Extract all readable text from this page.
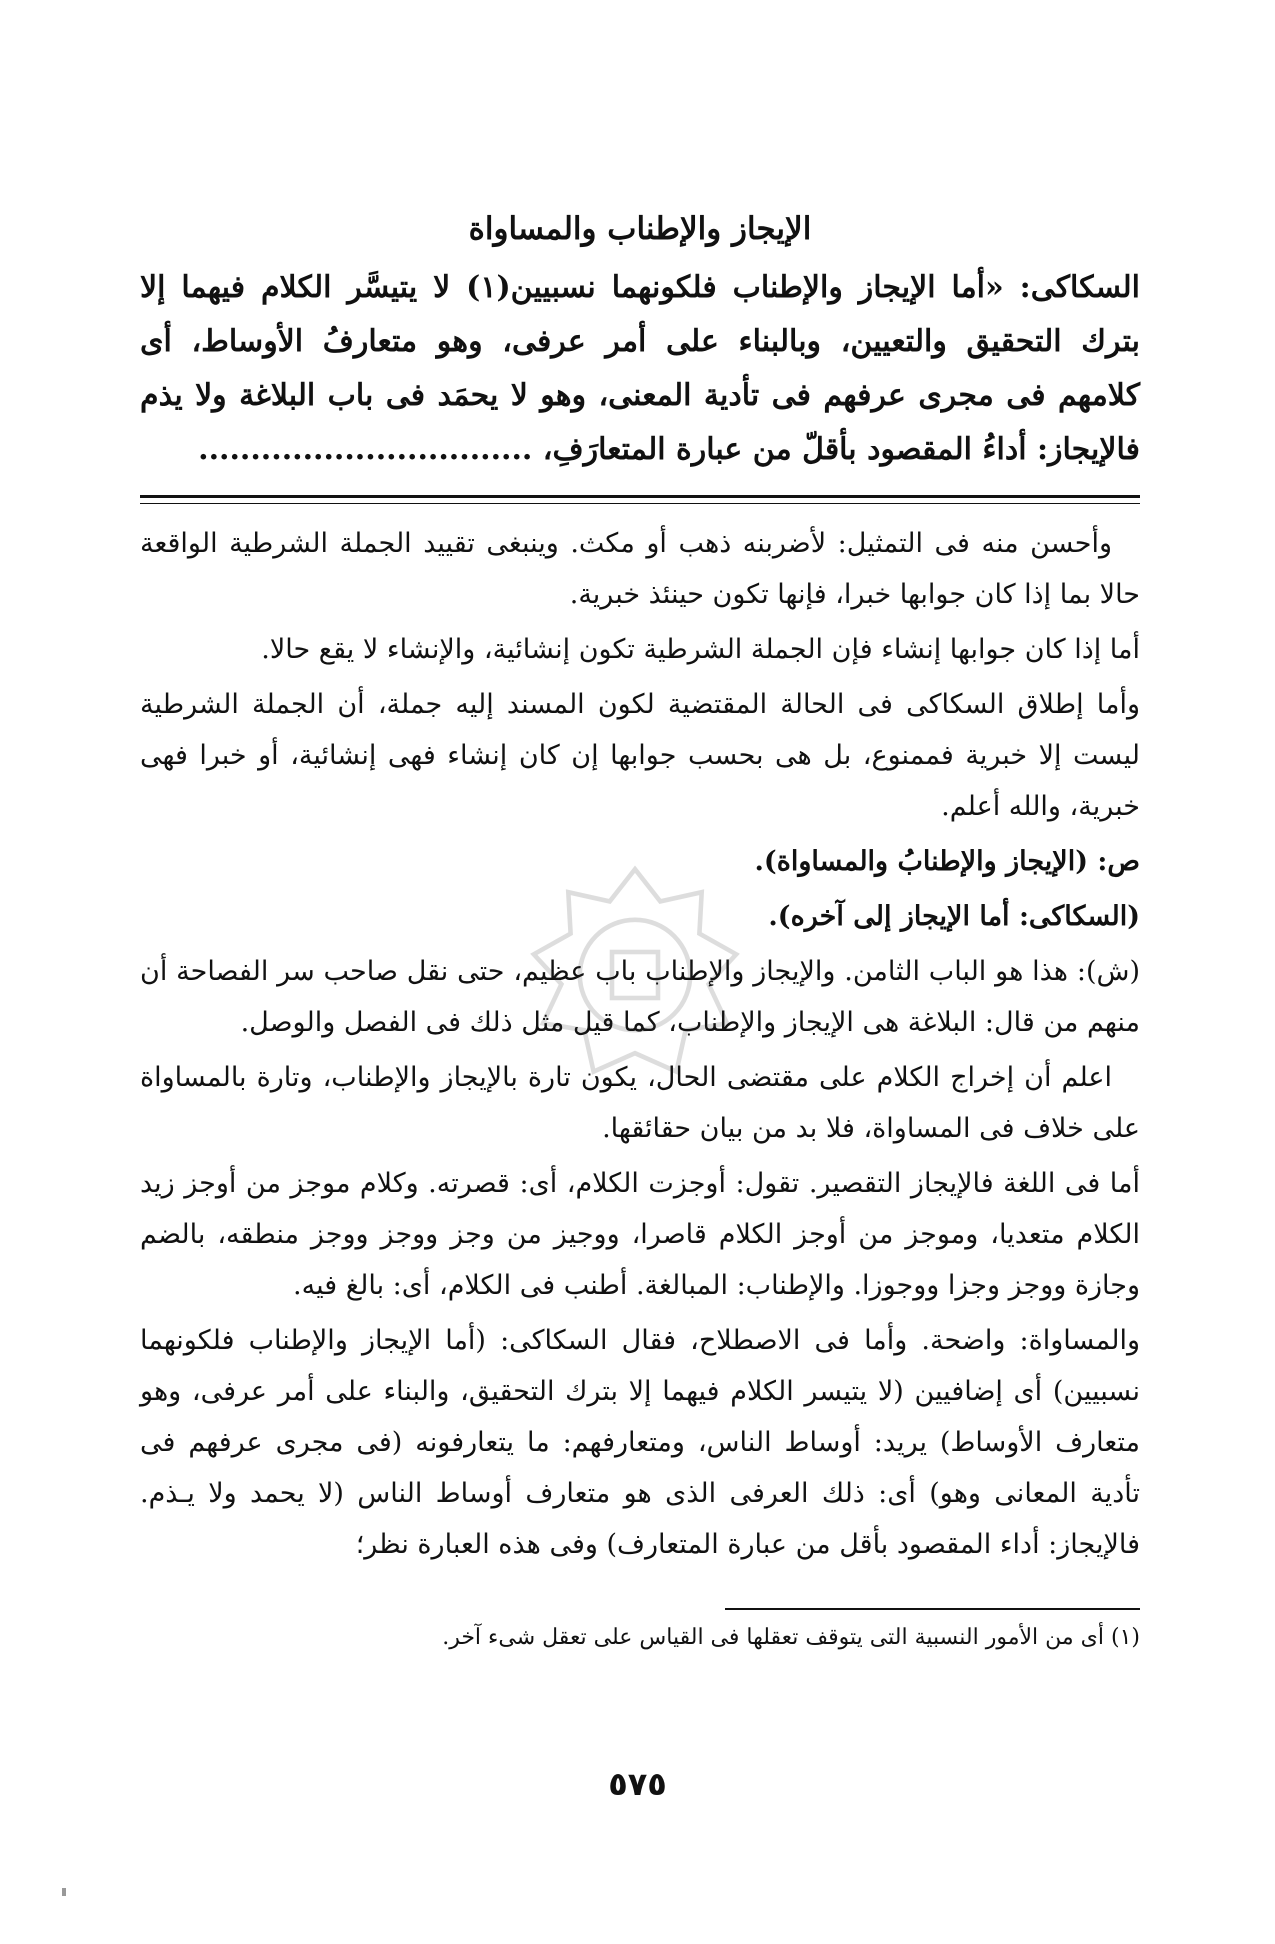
الإيجاز والإطناب والمساواة

السكاكى: «أما الإيجاز والإطناب فلكونهما نسبيين(١) لا يتيسَّر الكلام فيهما إلا بترك التحقيق والتعيين، وبالبناء على أمر عرفى، وهو متعارفُ الأوساط، أى كلامهم فى مجرى عرفهم فى تأدية المعنى، وهو لا يحمَد فى باب البلاغة ولا يذم فالإيجاز: أداءُ المقصود بأقلّ من عبارة المتعارَفِ، ................................

وأحسن منه فى التمثيل: لأضربنه ذهب أو مكث. وينبغى تقييد الجملة الشرطية الواقعة حالا بما إذا كان جوابها خبرا، فإنها تكون حينئذ خبرية.

أما إذا كان جوابها إنشاء فإن الجملة الشرطية تكون إنشائية، والإنشاء لا يقع حالا.

وأما إطلاق السكاكى فى الحالة المقتضية لكون المسند إليه جملة، أن الجملة الشرطية ليست إلا خبرية فممنوع، بل هى بحسب جوابها إن كان إنشاء فهى إنشائية، أو خبرا فهى خبرية، والله أعلم.

ص: (الإيجاز والإطنابُ والمساواة).

(السكاكى: أما الإيجاز إلى آخره).

(ش): هذا هو الباب الثامن. والإيجاز والإطناب باب عظيم، حتى نقل صاحب سر الفصاحة أن منهم من قال: البلاغة هى الإيجاز والإطناب، كما قيل مثل ذلك فى الفصل والوصل.

اعلم أن إخراج الكلام على مقتضى الحال، يكون تارة بالإيجاز والإطناب، وتارة بالمساواة على خلاف فى المساواة، فلا بد من بيان حقائقها.

أما فى اللغة فالإيجاز التقصير. تقول: أوجزت الكلام، أى: قصرته. وكلام موجز من أوجز زيد الكلام متعديا، وموجز من أوجز الكلام قاصرا، ووجيز من وجز ووجز ووجز منطقه، بالضم وجازة ووجز وجزا ووجوزا. والإطناب: المبالغة. أطنب فى الكلام، أى: بالغ فيه.

والمساواة: واضحة. وأما فى الاصطلاح، فقال السكاكى: (أما الإيجاز والإطناب فلكونهما نسبيين) أى إضافيين (لا يتيسر الكلام فيهما إلا بترك التحقيق، والبناء على أمر عرفى، وهو متعارف الأوساط) يريد: أوساط الناس، ومتعارفهم: ما يتعارفونه (فى مجرى عرفهم فى تأدية المعانى وهو) أى: ذلك العرفى الذى هو متعارف أوساط الناس (لا يحمد ولا يـذم. فالإيجاز: أداء المقصود بأقل من عبارة المتعارف) وفى هذه العبارة نظر؛

(١) أى من الأمور النسبية التى يتوقف تعقلها فى القياس على تعقل شىء آخر.
٥٧٥
